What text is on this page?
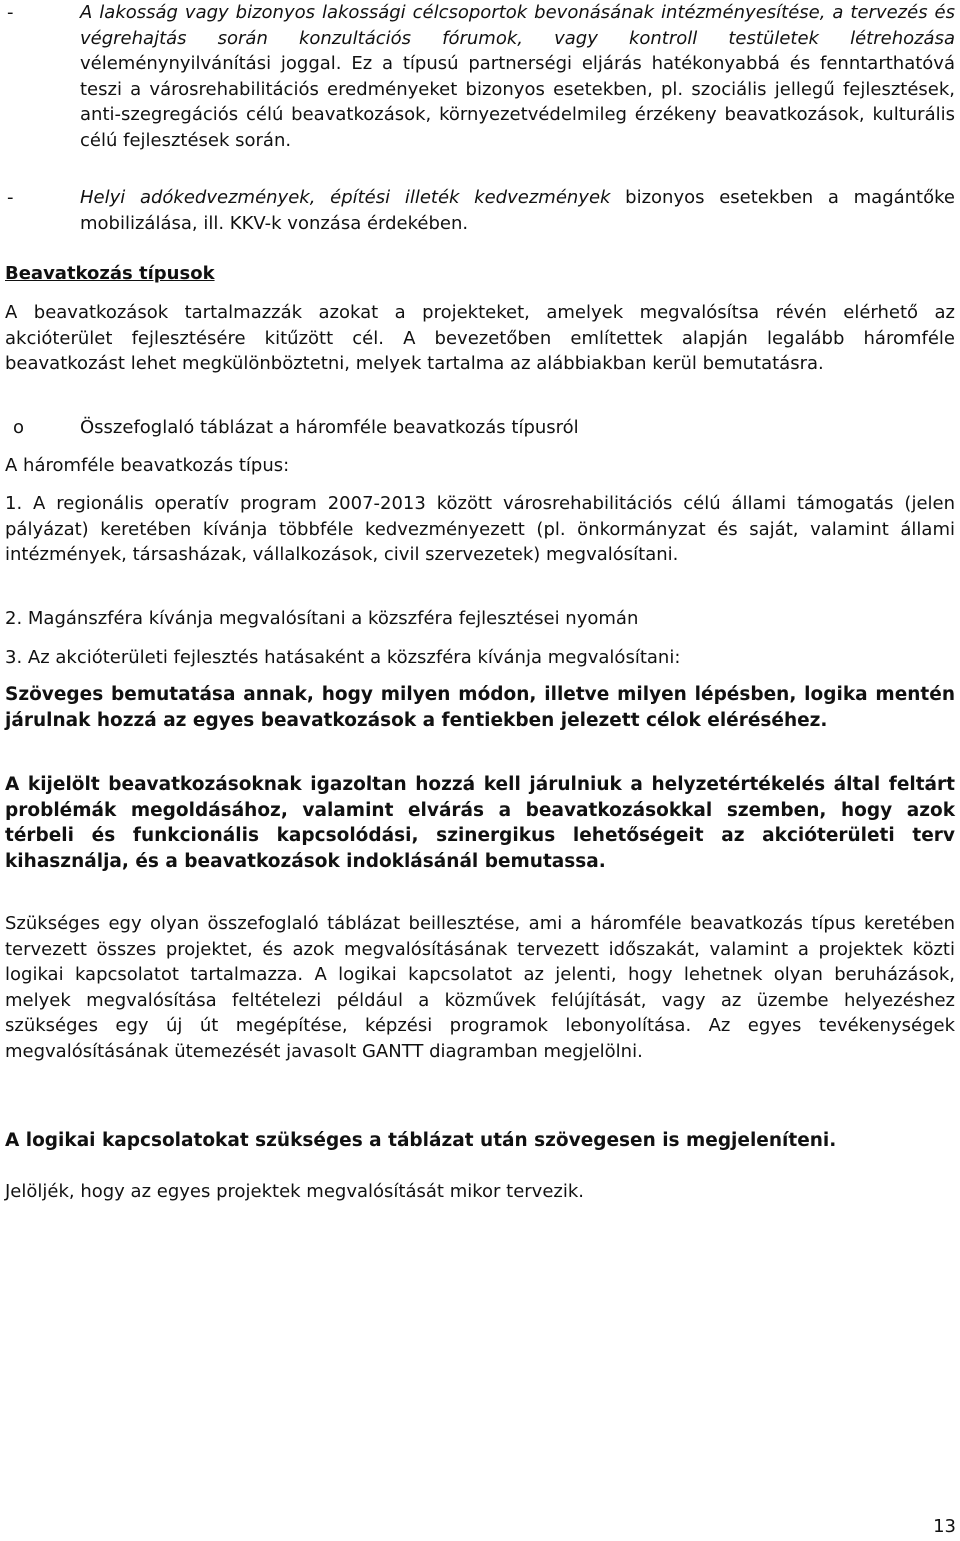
-	A lakosság vagy bizonyos lakossági célcsoportok bevonásának intézményesítése, a tervezés és végrehajtás során konzultációs fórumok, vagy kontroll testületek létrehozása véleménynyilvánítási joggal. Ez a típusú partnerségi eljárás hatékonyabbá és fenntarthatóvá teszi a városrehabilitációs eredményeket bizonyos esetekben, pl. szociális jellegű fejlesztések, anti-szegregációs célú beavatkozások, környezetvédelmileg érzékeny beavatkozások, kulturális célú fejlesztések során.
-	Helyi adókedvezmények, építési illeték kedvezmények bizonyos esetekben a magántőke mobilizálása, ill. KKV-k vonzása érdekében.
Beavatkozás típusok
A beavatkozások tartalmazzák azokat a projekteket, amelyek megvalósítsa révén elérhető az akcióterület fejlesztésére kitűzött cél. A bevezetőben említettek alapján legalább háromféle beavatkozást lehet megkülönböztetni, melyek tartalma az alábbiakban kerül bemutatásra.
o	Összefoglaló táblázat a háromféle beavatkozás típusról
A háromféle beavatkozás típus:
1. A regionális operatív program 2007-2013 között városrehabilitációs célú állami támogatás (jelen pályázat) keretében kívánja többféle kedvezményezett (pl. önkormányzat és saját, valamint állami intézmények, társasházak, vállalkozások, civil szervezetek) megvalósítani.
2. Magánszféra kívánja megvalósítani a közszféra fejlesztései nyomán
3. Az akcióterületi fejlesztés hatásaként a közszféra kívánja megvalósítani:
Szöveges bemutatása annak, hogy milyen módon, illetve milyen lépésben, logika mentén járulnak hozzá az egyes beavatkozások a fentiekben jelezett célok eléréséhez.
A kijelölt beavatkozásoknak igazoltan hozzá kell járulniuk a helyzetértékelés által feltárt problémák megoldásához, valamint elvárás a beavatkozásokkal szemben, hogy azok térbeli és funkcionális kapcsolódási, szinergikus lehetőségeit az akcióterületi terv kihasználja, és a beavatkozások indoklásánál bemutassa.
Szükséges egy olyan összefoglaló táblázat beillesztése, ami a háromféle beavatkozás típus keretében tervezett összes projektet, és azok megvalósításának tervezett időszakát, valamint a projektek közti logikai kapcsolatot tartalmazza. A logikai kapcsolatot az jelenti, hogy lehetnek olyan beruházások, melyek megvalósítása feltételezi például a közművek felújítását, vagy az üzembe helyezéshez szükséges egy új út megépítése, képzési programok lebonyolítása. Az egyes tevékenységek megvalósításának ütemezését javasolt GANTT diagramban megjelölni.
A logikai kapcsolatokat szükséges a táblázat után szövegesen is megjeleníteni.
Jelöljék, hogy az egyes projektek megvalósítását mikor tervezik.
13
